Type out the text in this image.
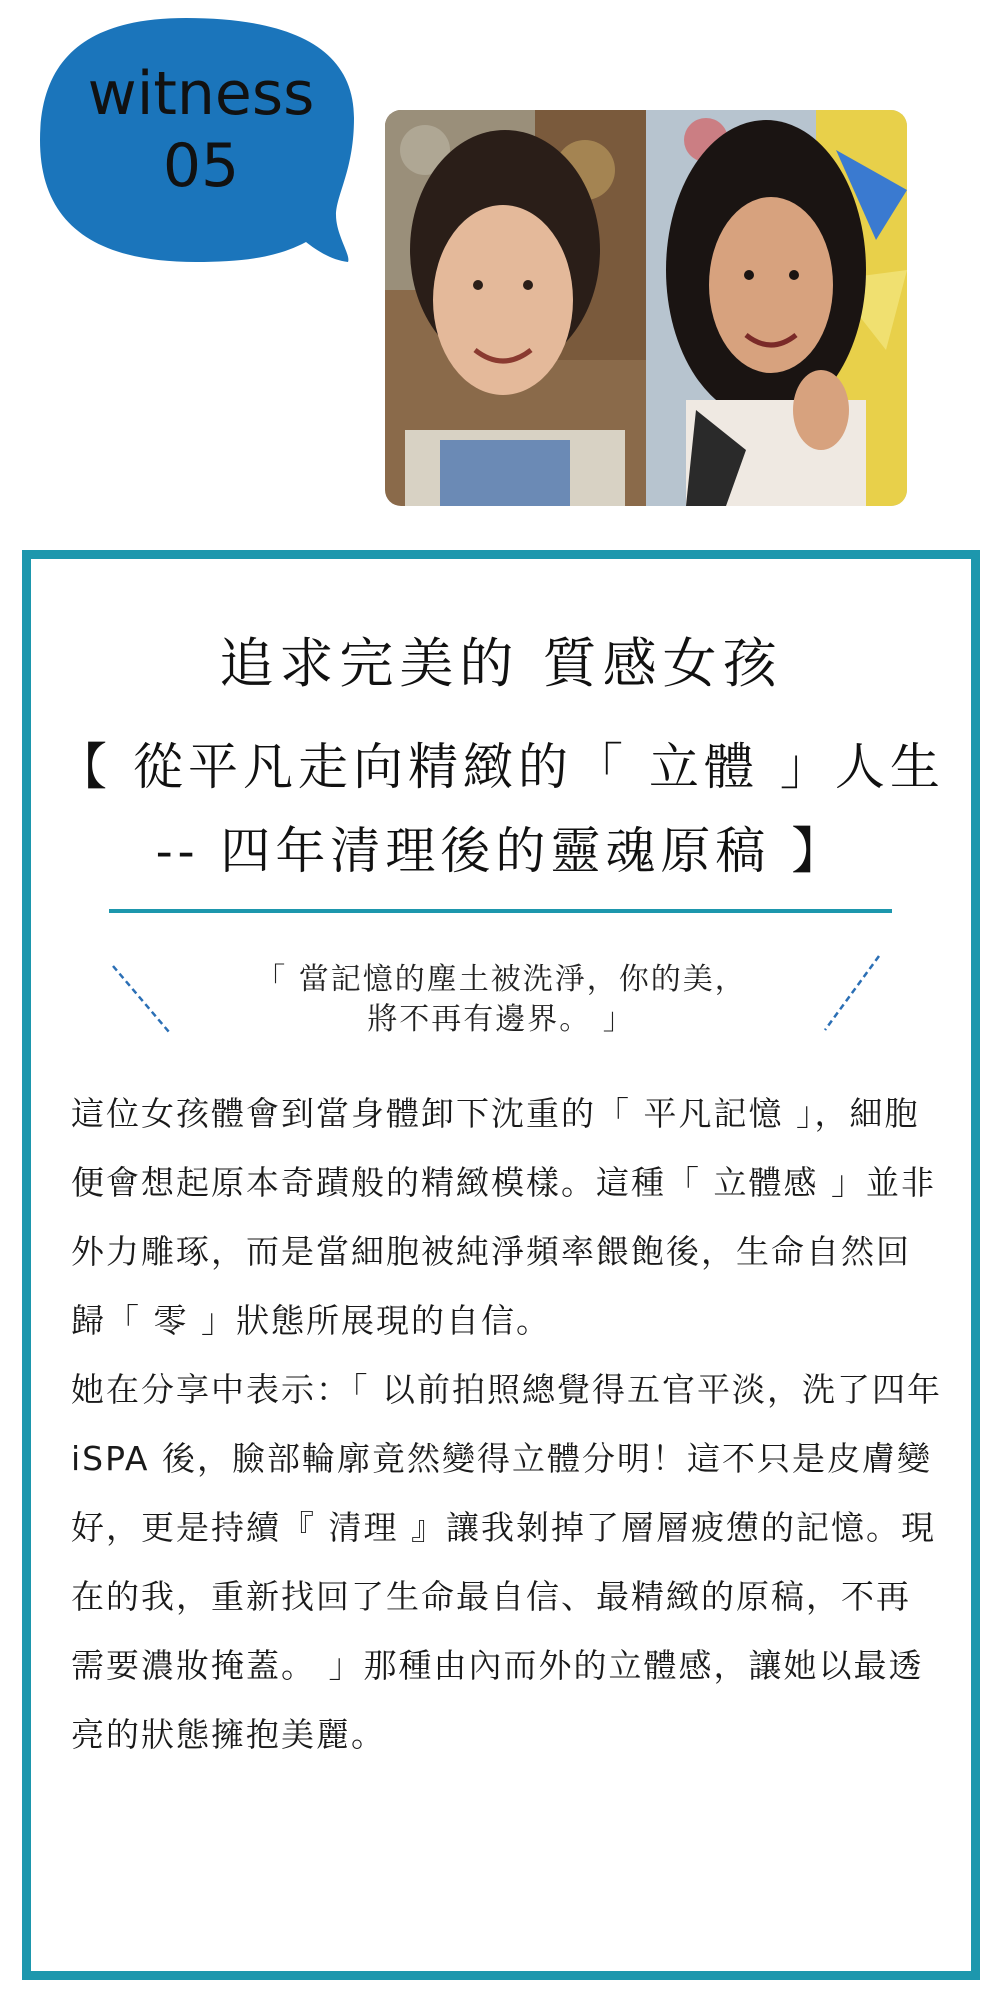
witness
05
追求完美的 質感女孩
【 從平凡走向精緻的「 立體 」人生
-- 四年清理後的靈魂原稿 】
「 當記憶的塵土被洗淨，你的美，
將不再有邊界。 」

這位女孩體會到當身體卸下沈重的「 平凡記憶 」，細胞便會想起原本奇蹟般的精緻模樣。這種「 立體感 」並非外力雕琢，而是當細胞被純淨頻率餵飽後，生命自然回歸「 零 」狀態所展現的自信。

她在分享中表示：「 以前拍照總覺得五官平淡，洗了四年 iSPA 後，臉部輪廓竟然變得立體分明！這不只是皮膚變好，更是持續『 清理 』讓我剝掉了層層疲憊的記憶。現在的我，重新找回了生命最自信、最精緻的原稿，不再需要濃妝掩蓋。 」那種由內而外的立體感，讓她以最透亮的狀態擁抱美麗。
